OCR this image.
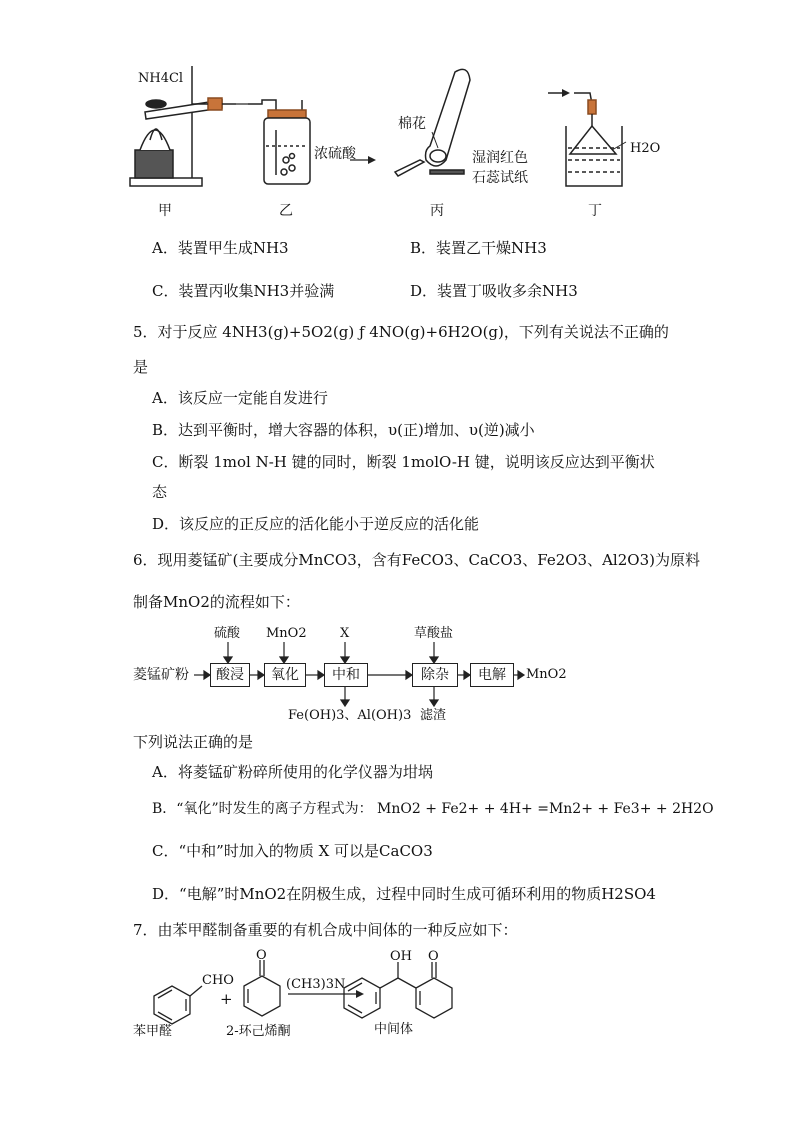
NH4Cl
甲	乙
浓硫酸
棉花
湿润红色
石蕊试纸
丙
H2O
丁
A．装置甲生成NH3	B．装置乙干燥NH3
C．装置丙收集NH3并验满	D．装置丁吸收多余NH3
5．对于反应 4NH3(g)+5O2(g) ƒ 4NO(g)+6H2O(g)，下列有关说法不正确的
是
A．该反应一定能自发进行
B．达到平衡时，增大容器的体积，υ(正)增加、υ(逆)减小
C．断裂 1mol N-H 键的同时，断裂 1molO-H 键，说明该反应达到平衡状
态
D．该反应的正反应的活化能小于逆反应的活化能
6．现用菱锰矿(主要成分MnCO3，含有FeCO3、CaCO3、Fe2O3、Al2O3)为原料
制备MnO2的流程如下：
菱锰矿粉	酸浸	氧化	中和	除杂	电解
硫酸 MnO2	X	草酸盐
Fe(OH)3、Al(OH)3 滤渣
MnO2
下列说法正确的是
A．将菱锰矿粉碎所使用的化学仪器为坩埚
B．“氧化”时发生的离子方程式为： MnO2 + Fe2+ + 4H+ =Mn2+ + Fe3+ + 2H2O
C．“中和”时加入的物质 X 可以是CaCO3
D．“电解”时MnO2在阴极生成，过程中同时生成可循环利用的物质H2SO4
7．由苯甲醛制备重要的有机合成中间体的一种反应如下：
CHO
O
+
(CH3)3N
OH O
苯甲醛	2-环己烯酮	中间体
